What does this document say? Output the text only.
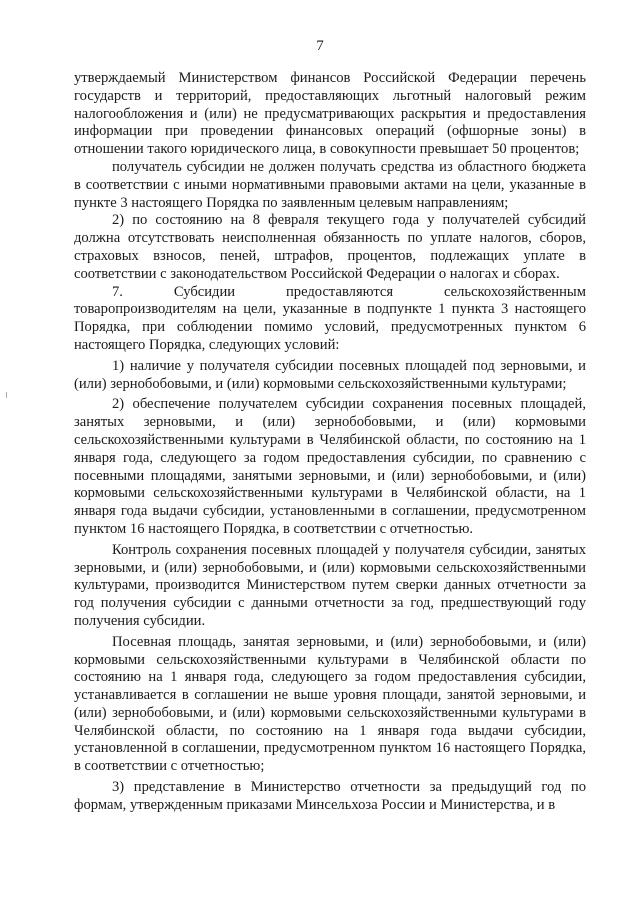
7

утверждаемый Министерством финансов Российской Федерации перечень государств и территорий, предоставляющих льготный налоговый режим налогообложения и (или) не предусматривающих раскрытия и предоставления информации при проведении финансовых операций (офшорные зоны) в отношении такого юридического лица, в совокупности превышает 50 процентов;

получатель субсидии не должен получать средства из областного бюджета в соответствии с иными нормативными правовыми актами на цели, указанные в пункте 3 настоящего Порядка по заявленным целевым направлениям;

2) по состоянию на 8 февраля текущего года у получателей субсидий должна отсутствовать неисполненная обязанность по уплате налогов, сборов, страховых взносов, пеней, штрафов, процентов, подлежащих уплате в соответствии с законодательством Российской Федерации о налогах и сборах.

7.	Субсидии	предоставляются	сельскохозяйственным

товаропроизводителям на цели, указанные в подпункте 1 пункта 3 настоящего Порядка, при соблюдении помимо условий, предусмотренных пунктом 6 настоящего Порядка, следующих условий:

1) наличие у получателя субсидии посевных площадей под зерновыми, и (или) зернобобовыми, и (или) кормовыми сельскохозяйственными культурами;

2) обеспечение получателем субсидии сохранения посевных площадей, занятых зерновыми, и (или) зернобобовыми, и (или) кормовыми сельскохозяйственными культурами в Челябинской области, по состоянию на 1 января года, следующего за годом предоставления субсидии, по сравнению с посевными площадями, занятыми зерновыми, и (или) зернобобовыми, и (или) кормовыми сельскохозяйственными культурами в Челябинской области, на 1 января года выдачи субсидии, установленными в соглашении, предусмотренном пунктом 16 настоящего Порядка, в соответствии с отчетностью.

Контроль сохранения посевных площадей у получателя субсидии, занятых зерновыми, и (или) зернобобовыми, и (или) кормовыми сельскохозяйственными культурами, производится Министерством путем сверки данных отчетности за год получения субсидии с данными отчетности за год, предшествующий году получения субсидии.

Посевная площадь, занятая зерновыми, и (или) зернобобовыми, и (или) кормовыми сельскохозяйственными культурами в Челябинской области по состоянию на 1 января года, следующего за годом предоставления субсидии, устанавливается в соглашении не выше уровня площади, занятой зерновыми, и (или) зернобобовыми, и (или) кормовыми сельскохозяйственными культурами в Челябинской области, по состоянию на 1 января года выдачи субсидии, установленной в соглашении, предусмотренном пунктом 16 настоящего Порядка, в соответствии с отчетностью;

3) представление в Министерство отчетности за предыдущий год по формам, утвержденным приказами Минсельхоза России и Министерства, и в
